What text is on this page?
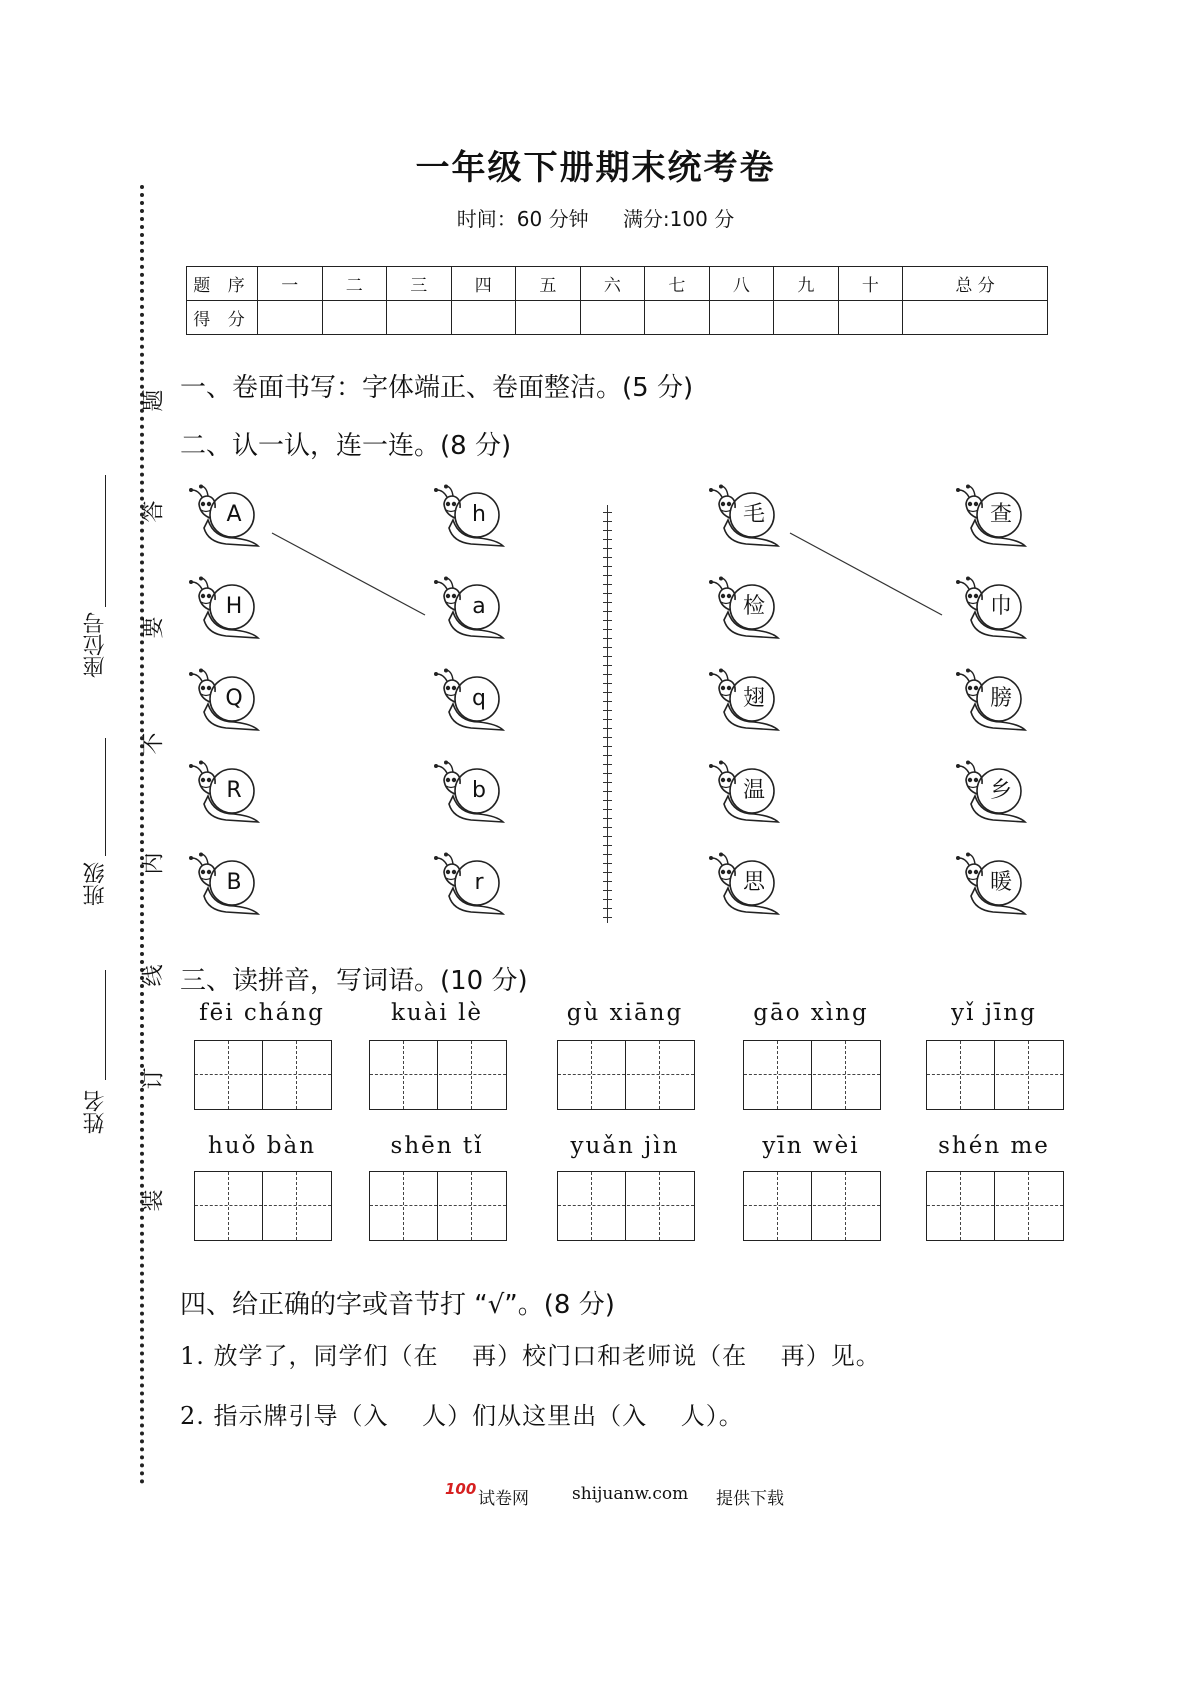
装
订
线
内
不
要
答
题
姓名
班级
座位号
一年级下册期末统考卷
时间：60 分钟 满分:100 分
题 序	一	二	三	四	五	六	七	八	九	十	总 分
得 分											
一、卷面书写：字体端正、卷面整洁。(5 分)
二、认一认，连一连。(8 分)
三、读拼音，写词语。(10 分)
四、给正确的字或音节打 “√”。(8 分)
A
H
Q
R
B
h
a
q
b
r
毛
检
翅
温
思
查
巾
膀
乡
暖
fēi cháng	kuài lè	gù xiāng	gāo xìng	yǐ jīng
huǒ bàn	shēn tǐ	yuǎn jìn	yīn wèi	shén me
1. 放学了，同学们（在　 再）校门口和老师说（在　 再）见。
2. 指示牌引导（入　 人）们从这里出（入　 人）。
100 试卷网	shijuanw.com 提供下载
